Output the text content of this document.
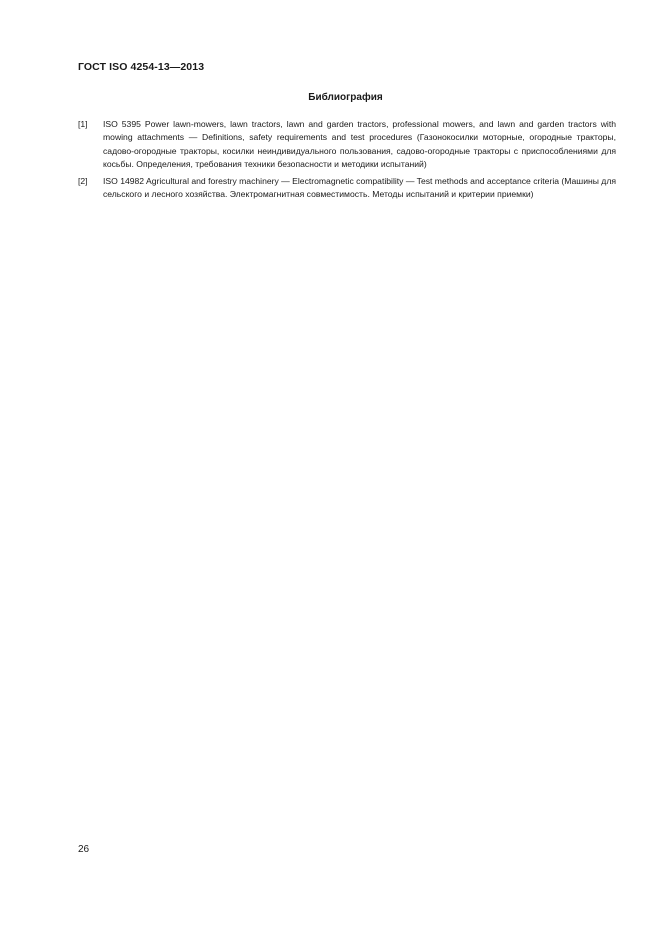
ГОСТ ISO 4254-13—2013
Библиография
[1]	ISO 5395 Power lawn-mowers, lawn tractors, lawn and garden tractors, professional mowers, and lawn and garden tractors with mowing attachments — Definitions, safety requirements and test procedures (Газонокосилки моторные, огородные тракторы, садово-огородные тракторы, косилки неиндивидуального пользования, садово-огородные тракторы с приспособлениями для косьбы. Определения, требования техники безопасности и методики испытаний)
[2]	ISO 14982 Agricultural and forestry machinery — Electromagnetic compatibility — Test methods and acceptance criteria (Машины для сельского и лесного хозяйства. Электромагнитная совместимость. Методы испытаний и критерии приемки)
26
